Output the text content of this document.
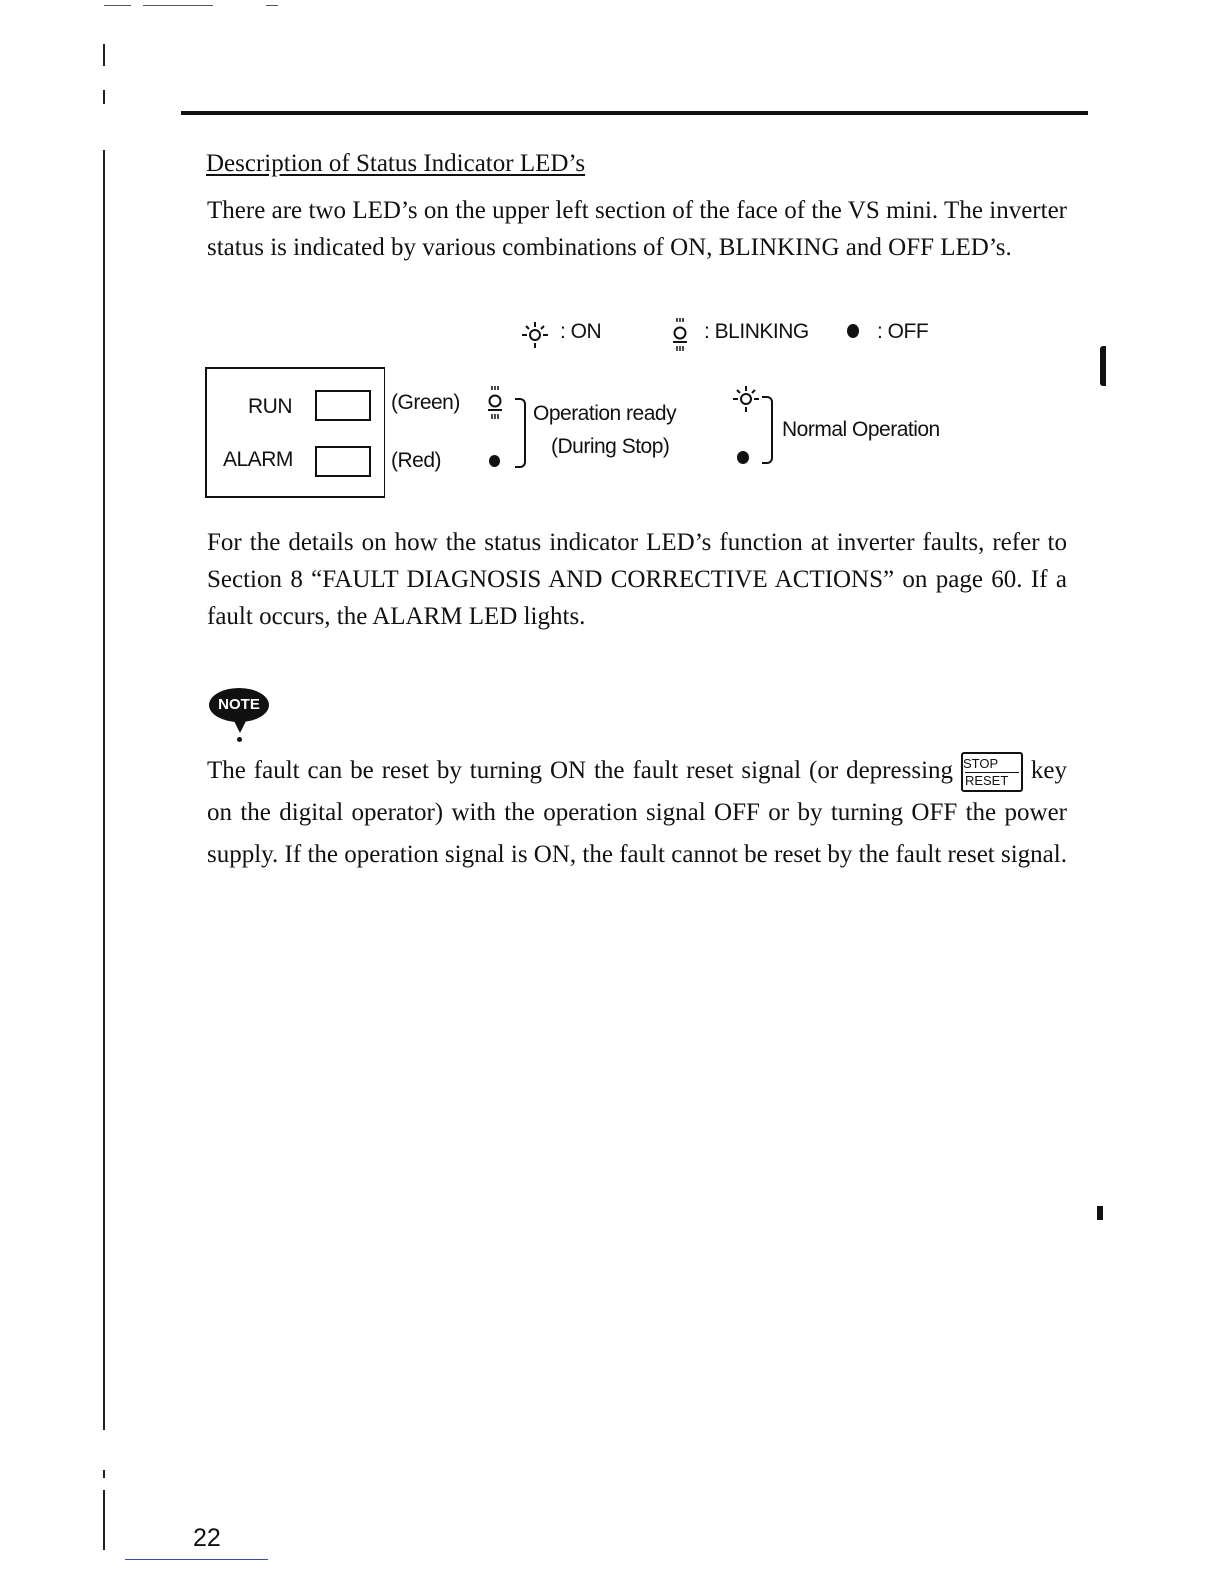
Description of Status Indicator LED’s
There are two LED’s on the upper left section of the face of the VS mini. The inverter status is indicated by various combinations of ON, BLINKING and OFF LED’s.
: ON	: BLINKING	: OFF
RUN
ALARM
(Green)
(Red)
Operation ready
(During Stop)
Normal Operation
For the details on how the status indicator LED’s function at inverter faults, refer to Section 8 “FAULT DIAGNOSIS AND CORRECTIVE ACTIONS” on page 60. If a fault occurs, the ALARM LED lights.
NOTE
The fault can be reset by turning ON the fault reset signal (or depressing STOP
RESET key on the digital operator) with the operation signal OFF or by turning OFF the power supply. If the operation signal is ON, the fault cannot be reset by the fault reset signal.
22
